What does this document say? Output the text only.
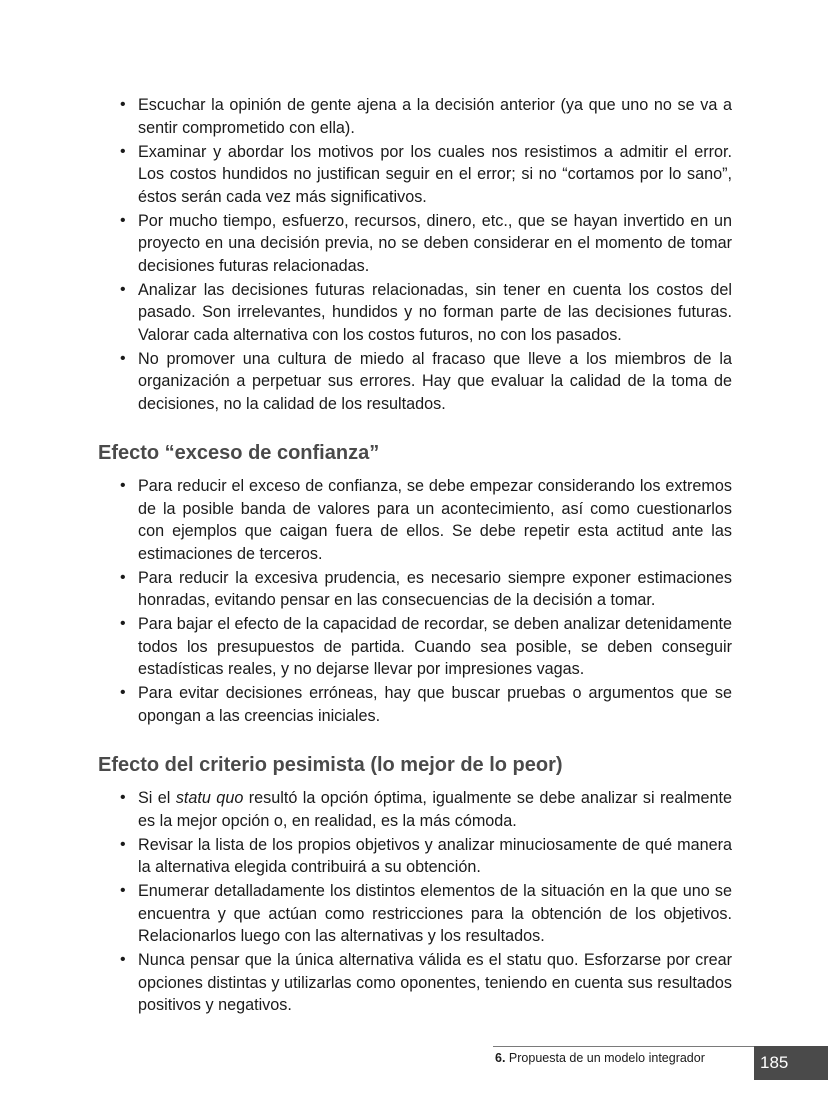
• Escuchar la opinión de gente ajena a la decisión anterior (ya que uno no se va a sentir comprometido con ella).
• Examinar y abordar los motivos por los cuales nos resistimos a admitir el error. Los costos hundidos no justifican seguir en el error; si no “cortamos por lo sano”, éstos serán cada vez más significativos.
• Por mucho tiempo, esfuerzo, recursos, dinero, etc., que se hayan invertido en un proyecto en una decisión previa, no se deben considerar en el momento de tomar decisiones futuras relacionadas.
• Analizar las decisiones futuras relacionadas, sin tener en cuenta los costos del pasado. Son irrelevantes, hundidos y no forman parte de las decisiones futuras. Valorar cada alternativa con los costos futuros, no con los pasados.
• No promover una cultura de miedo al fracaso que lleve a los miembros de la organización a perpetuar sus errores. Hay que evaluar la calidad de la toma de decisiones, no la calidad de los resultados.
Efecto “exceso de confianza”
• Para reducir el exceso de confianza, se debe empezar considerando los extremos de la posible banda de valores para un acontecimiento, así como cuestionarlos con ejemplos que caigan fuera de ellos. Se debe repetir esta actitud ante las estimaciones de terceros.
• Para reducir la excesiva prudencia, es necesario siempre exponer estimaciones honradas, evitando pensar en las consecuencias de la decisión a tomar.
• Para bajar el efecto de la capacidad de recordar, se deben analizar detenidamente todos los presupuestos de partida. Cuando sea posible, se deben conseguir estadísticas reales, y no dejarse llevar por impresiones vagas.
• Para evitar decisiones erróneas, hay que buscar pruebas o argumentos que se opongan a las creencias iniciales.
Efecto del criterio pesimista (lo mejor de lo peor)
• Si el statu quo resultó la opción óptima, igualmente se debe analizar si realmente es la mejor opción o, en realidad, es la más cómoda.
• Revisar la lista de los propios objetivos y analizar minuciosamente de qué manera la alternativa elegida contribuirá a su obtención.
• Enumerar detalladamente los distintos elementos de la situación en la que uno se encuentra y que actúan como restricciones para la obtención de los objetivos. Relacionarlos luego con las alternativas y los resultados.
• Nunca pensar que la única alternativa válida es el statu quo. Esforzarse por crear opciones distintas y utilizarlas como oponentes, teniendo en cuenta sus resultados positivos y negativos.
6. Propuesta de un modelo integrador	185
